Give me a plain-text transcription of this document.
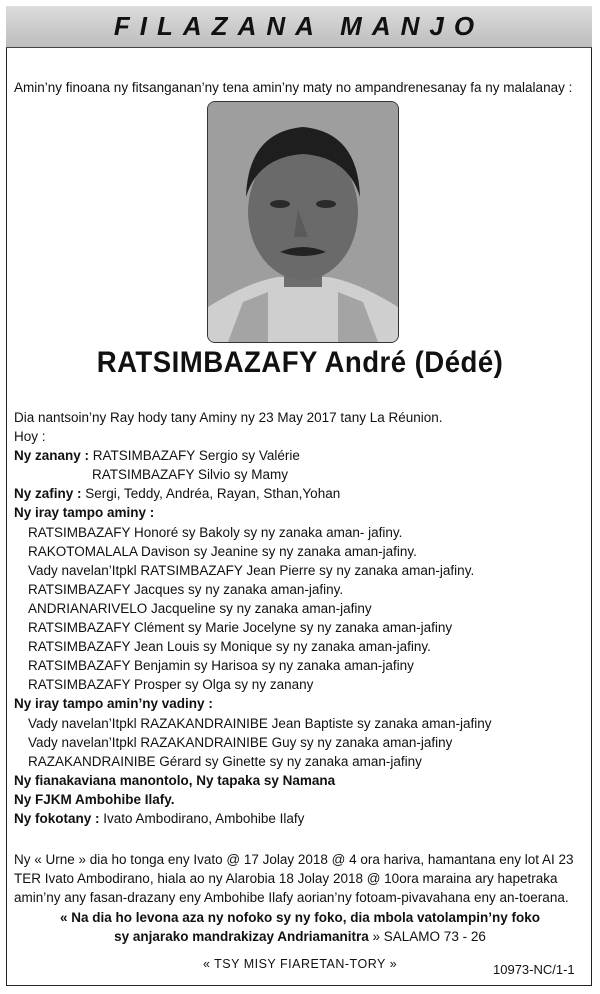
FILAZANA MANJO
Amin’ny finoana ny fitsanganan’ny tena amin’ny maty no ampandrenesanay fa ny malalanay :
RATSIMBAZAFY André (Dédé)
Dia nantsoin’ny Ray hody tany Aminy ny 23 May 2017 tany La Réunion.
Hoy :
Ny zanany : RATSIMBAZAFY Sergio sy Valérie
RATSIMBAZAFY Silvio sy Mamy
Ny zafiny : Sergi, Teddy, Andréa, Rayan, Sthan,Yohan
Ny iray tampo aminy :
RATSIMBAZAFY Honoré sy Bakoly sy ny zanaka aman- jafiny.
RAKOTOMALALA Davison sy Jeanine sy ny zanaka aman-jafiny.
Vady navelan’Itpkl RATSIMBAZAFY Jean Pierre sy ny zanaka aman-jafiny.
RATSIMBAZAFY Jacques sy ny zanaka aman-jafiny.
ANDRIANARIVELO Jacqueline sy ny zanaka aman-jafiny
RATSIMBAZAFY Clément sy Marie Jocelyne sy ny zanaka aman-jafiny
RATSIMBAZAFY Jean Louis sy Monique sy ny zanaka aman-jafiny.
RATSIMBAZAFY Benjamin sy Harisoa sy ny zanaka aman-jafiny
RATSIMBAZAFY Prosper sy Olga sy ny zanany
Ny iray tampo amin’ny vadiny :
Vady navelan’Itpkl RAZAKANDRAINIBE Jean Baptiste sy zanaka aman-jafiny
Vady navelan’Itpkl RAZAKANDRAINIBE Guy sy ny zanaka aman-jafiny
RAZAKANDRAINIBE Gérard sy Ginette sy ny zanaka aman-jafiny
Ny fianakaviana manontolo, Ny tapaka sy Namana
Ny FJKM Ambohibe Ilafy.
Ny fokotany : Ivato Ambodirano, Ambohibe Ilafy
Ny « Urne » dia ho tonga eny Ivato @ 17 Jolay 2018 @ 4 ora hariva, hamantana eny lot AI 23 TER Ivato Ambodirano, hiala ao ny Alarobia 18 Jolay 2018 @ 10ora maraina ary hapetraka amin’ny any fasan-drazany eny Ambohibe Ilafy aorian’ny fotoam-pivavahana eny an-toerana.
« Na dia ho levona aza ny nofoko sy ny foko, dia mbola vatolampin’ny foko
sy anjarako mandrakizay Andriamanitra » SALAMO 73 - 26
« TSY MISY FIARETAN-TORY »	10973-NC/1-1
